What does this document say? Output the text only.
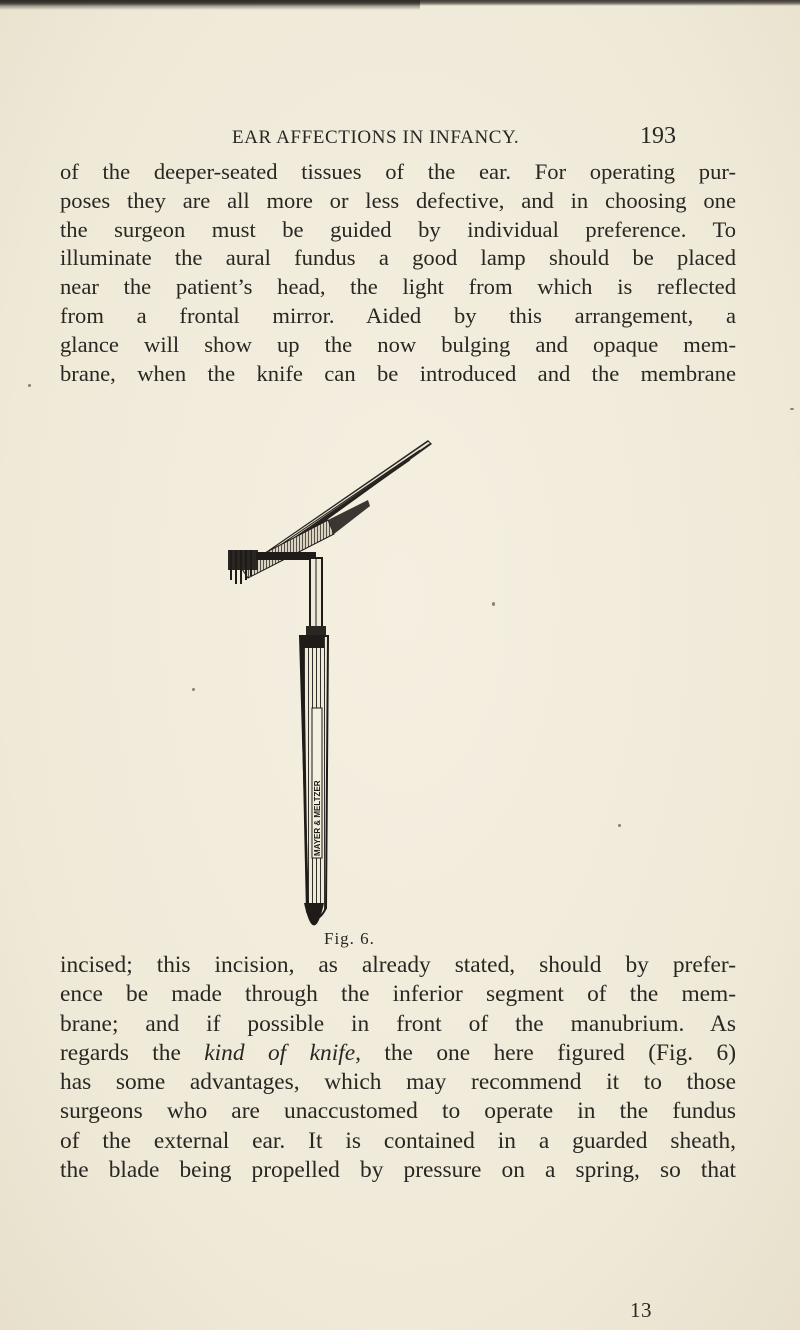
EAR AFFECTIONS IN INFANCY.	193
of the deeper-seated tissues of the ear. For operating pur-
poses they are all more or less defective, and in choosing one
the surgeon must be guided by individual preference. To
illuminate the aural fundus a good lamp should be placed
near the patient’s head, the light from which is reflected
from a frontal mirror. Aided by this arrangement, a
glance will show up the now bulging and opaque mem-
brane, when the knife can be introduced and the membrane
MAYER & MELTZER
Fig. 6.
incised; this incision, as already stated, should by prefer-
ence be made through the inferior segment of the mem-
brane; and if possible in front of the manubrium. As
regards the kind of knife, the one here figured (Fig. 6)
has some advantages, which may recommend it to those
surgeons who are unaccustomed to operate in the fundus
of the external ear. It is contained in a guarded sheath,
the blade being propelled by pressure on a spring, so that
13
